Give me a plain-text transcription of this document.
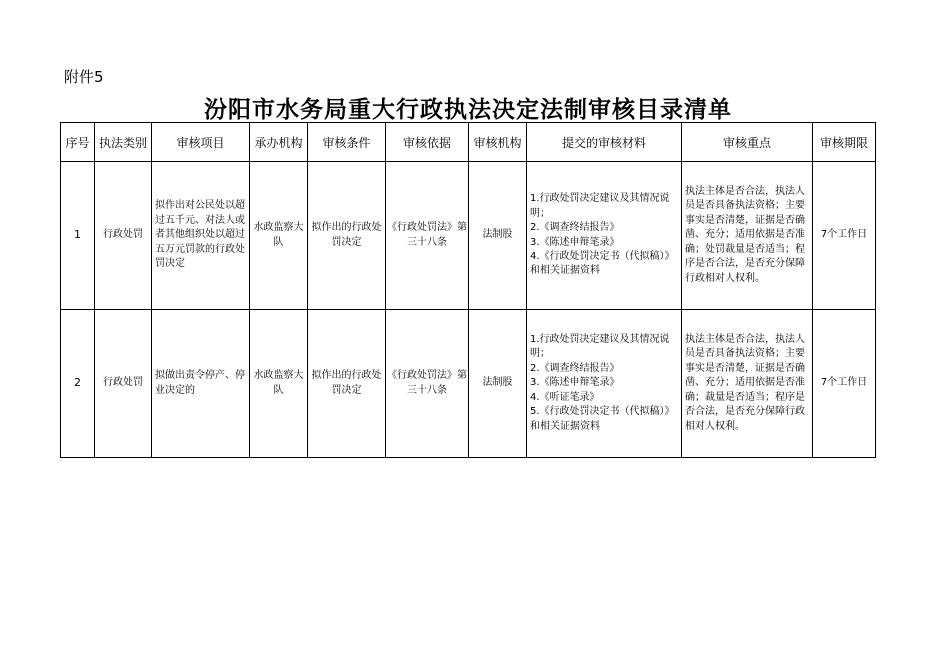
附件5
汾阳市水务局重大行政执法决定法制审核目录清单
序号	执法类别	审核项目	承办机构	审核条件	审核依据	审核机构	提交的审核材料	审核重点	审核期限
1	行政处罚	拟作出对公民处以超过五千元、对法人或者其他组织处以超过五万元罚款的行政处罚决定	水政监察大队	拟作出的行政处罚决定	《行政处罚法》第三十八条	法制股	1.行政处罚决定建议及其情况说明；
2.《调查终结报告》
3.《陈述申辩笔录》
4.《行政处罚决定书（代拟稿）》和相关证据资料	执法主体是否合法，执法人员是否具备执法资格；主要事实是否清楚，证据是否确凿、充分；适用依据是否准确；处罚裁量是否适当；程序是否合法，是否充分保障行政相对人权利。	7个工作日
2	行政处罚	拟做出责令停产、停业决定的	水政监察大队	拟作出的行政处罚决定	《行政处罚法》第三十八条	法制股	1.行政处罚决定建议及其情况说明；
2.《调查终结报告》
3.《陈述申辩笔录》
4.《听证笔录》
5.《行政处罚决定书（代拟稿）》和相关证据资料	执法主体是否合法，执法人员是否具备执法资格；主要事实是否清楚，证据是否确凿、充分；适用依据是否准确；裁量是否适当；程序是否合法，是否充分保障行政相对人权利。	7个工作日
